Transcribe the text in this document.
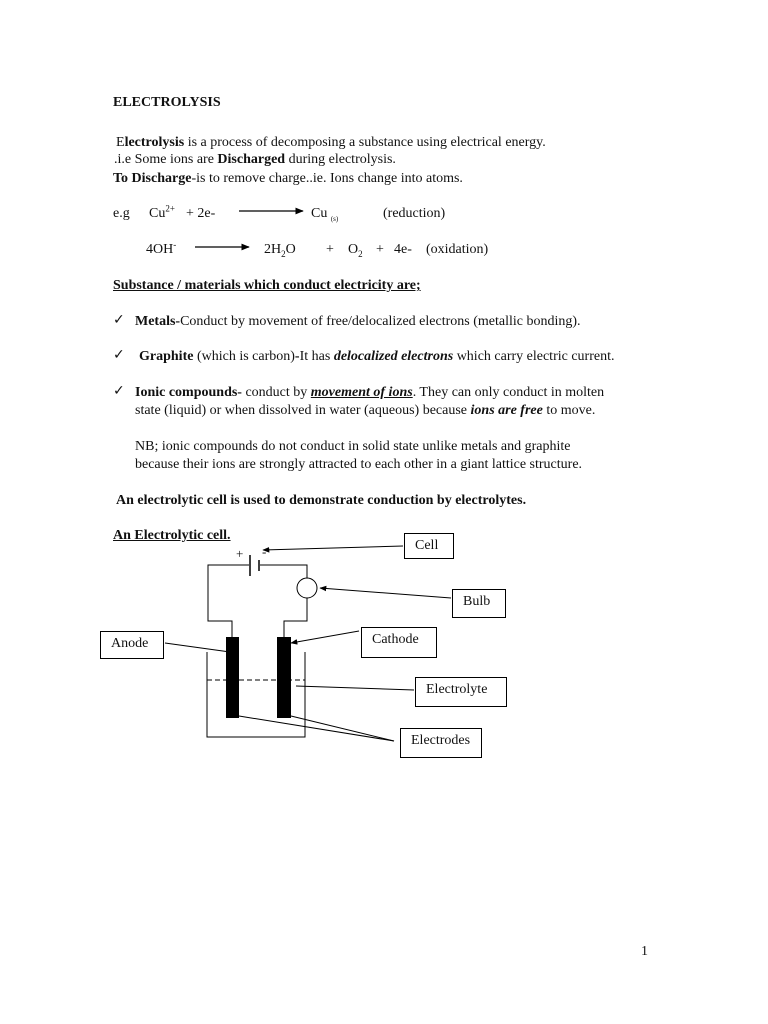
ELECTROLYSIS
Electrolysis is a process of decomposing a substance using electrical energy.
.i.e Some ions are Discharged during electrolysis.
To Discharge-is to remove charge..ie. Ions change into atoms.
e.g $Cu^{2+} + 2e-$	Cu $_{(s)}$	(reduction)
4OH-	$2H_2O + O_2 + 4e-$ (oxidation)
Substance / materials which conduct electricity are;
✓ Metals-Conduct by movement of free/delocalized electrons (metallic bonding).
✓ Graphite (which is carbon)-It has delocalized electrons which carry electric current.
✓ Ionic compounds- conduct by movement of ions. They can only conduct in molten
state (liquid) or when dissolved in water (aqueous) because ions are free to move.
NB; ionic compounds do not conduct in solid state unlike metals and graphite
because their ions are strongly attracted to each other in a giant lattice structure.
An electrolytic cell is used to demonstrate conduction by electrolytes.
An Electrolytic cell.
+ -	Cell
Bulb
Anode	Cathode
Electrolyte
Electrodes
1
